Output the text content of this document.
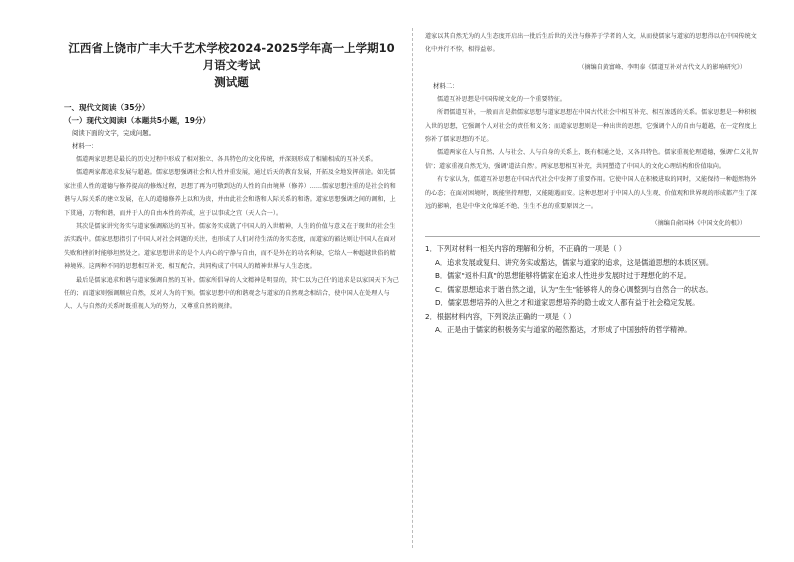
江西省上饶市广丰大千艺术学校2024-2025学年高一上学期10月语文考试
测试题
一、现代文阅读（35分）
（一）现代文阅读Ⅰ（本题共5小题，19分）
阅读下面的文字，完成问题。
材料一：

儒道两家思想是最长的历史过程中形成了相对独立、各具特色的文化传统，并深刻形成了相辅相成的互补关系。

儒道两家都追求发展与超越。儒家思想强调社会和人性并重发展，通过后天的教育发展，开拓及全地发挥前途。如先儒家注重人性的道德与修养提高的修炼过程，思想了再为可敬到达的人性的自由境界（修养）……儒家思想注重的是社会的和谐与人际关系的建立发展，在人的道德修养上以和为贵，并由此社会和谐和人际关系的和谐。道家思想强调之间的调和，上下贯通，万物和谐，而并于人的自由本性的养成，应于以事成之宜（天人合一）。

其次是儒家讲究务实与道家强调豁达的互补。儒家务实成就了中国人的入世精神，人生的价值与意义在于现世的社会生活实践中。儒家思想指引了中国人对社会问题的关注，也形成了人们对待生活的务实态度，而道家的豁达则让中国人在面对失败和挫折时能够坦然处之。道家思想讲求的是个人内心的宁静与自由，而不是外在的功名利禄，它给人一种超越世俗的精神境界。这两种不同的思想相互补充、相互配合，共同构成了中国人的精神世界与人生态度。

最后是儒家追求和谐与道家强调自然的互补。儒家所倡导的人文精神是明显的，其'仁以为己任'的追求是以家国天下为己任的；而道家则强调顺应自然，反对人为的干预。儒家思想中的和谐观念与道家的自然观念相结合，使中国人在处理人与人、人与自然的关系时既重视人为的努力，又尊重自然的规律。

道家以其自然无为的人生态度开启出一批后生后世的关注与修养于学者的人文，从而使儒家与道家的思想得以在中国传统文化中并行不悖，相得益彰。

（摘编自黄富峰、李明泰《儒道互补对古代文人的影响研究》）
材料二：

儒道互补思想是中国传统文化的一个重要特征。

所谓儒道互补，一般而言是指儒家思想与道家思想在中国古代社会中相互补充、相互渗透的关系。儒家思想是一种积极入世的思想，它强调个人对社会的责任和义务；而道家思想则是一种出世的思想，它强调个人的自由与超越，在一定程度上弥补了儒家思想的不足。

儒道两家在人与自然、人与社会、人与自身的关系上，既有相通之处，又各具特色。儒家重视伦理道德，强调'仁义礼智信'；道家重视自然无为，强调'道法自然'。两家思想相互补充，共同塑造了中国人的文化心理结构和价值取向。

有专家认为，儒道互补思想在中国古代社会中发挥了重要作用。它使中国人在积极进取的同时，又能保持一种超然物外的心态；在面对困境时，既能坚持理想，又能随遇而安。这种思想对于中国人的人生观、价值观和世界观的形成都产生了深远的影响，也是中华文化绵延不绝、生生不息的重要原因之一。

（摘编自俞国林《中国文化的根》）

1．下列对材料一相关内容的理解和分析，不正确的一项是（ ）

A．追求发展或复归、讲究务实或豁达，儒家与道家的追求，这是儒道思想的本质区别。

B．儒家"返朴归真"的思想能够将儒家在追求人性进步发展时过于理想化的不足。

C．儒家思想追求于谐自然之道，认为"生生"能够将人的身心调整到与自然合一的状态。

D．儒家思想培养的入世之才和道家思想培养的隐士或文人都有益于社会稳定发展。

2．根据材料内容，下列说法正确的一项是（ ）

A．正是由于儒家的积极务实与道家的超然豁达，才形成了中国独特的哲学精神。
